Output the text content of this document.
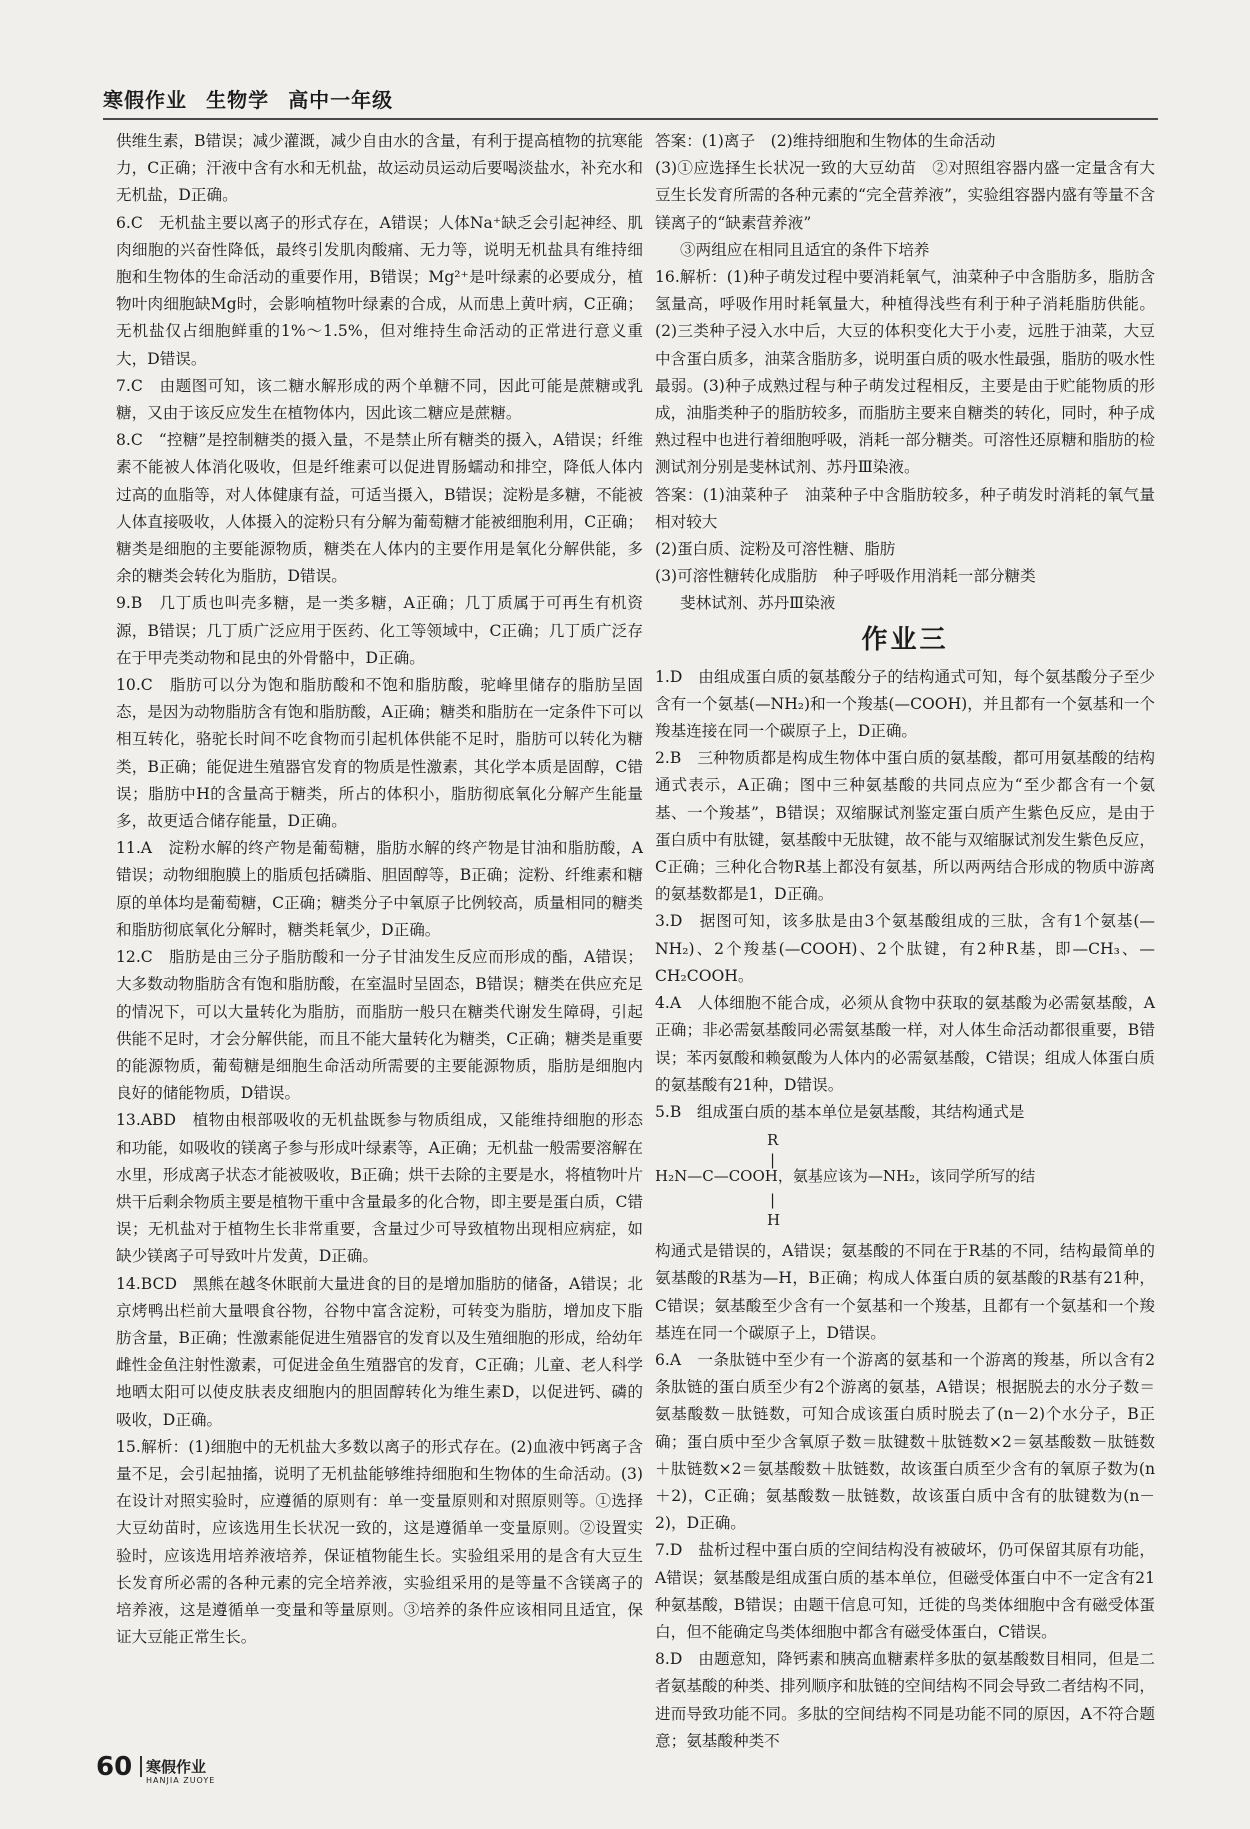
寒假作业 生物学 高中一年级

供维生素，B错误；减少灌溉，减少自由水的含量，有利于提高植物的抗寒能力，C正确；汗液中含有水和无机盐，故运动员运动后要喝淡盐水，补充水和无机盐，D正确。

6.C　无机盐主要以离子的形式存在，A错误；人体Na⁺缺乏会引起神经、肌肉细胞的兴奋性降低，最终引发肌肉酸痛、无力等，说明无机盐具有维持细胞和生物体的生命活动的重要作用，B错误；Mg²⁺是叶绿素的必要成分，植物叶肉细胞缺Mg时，会影响植物叶绿素的合成，从而患上黄叶病，C正确；无机盐仅占细胞鲜重的1%～1.5%，但对维持生命活动的正常进行意义重大，D错误。

7.C　由题图可知，该二糖水解形成的两个单糖不同，因此可能是蔗糖或乳糖，又由于该反应发生在植物体内，因此该二糖应是蔗糖。

8.C　“控糖”是控制糖类的摄入量，不是禁止所有糖类的摄入，A错误；纤维素不能被人体消化吸收，但是纤维素可以促进胃肠蠕动和排空，降低人体内过高的血脂等，对人体健康有益，可适当摄入，B错误；淀粉是多糖，不能被人体直接吸收，人体摄入的淀粉只有分解为葡萄糖才能被细胞利用，C正确；糖类是细胞的主要能源物质，糖类在人体内的主要作用是氧化分解供能，多余的糖类会转化为脂肪，D错误。

9.B　几丁质也叫壳多糖，是一类多糖，A正确；几丁质属于可再生有机资源，B错误；几丁质广泛应用于医药、化工等领域中，C正确；几丁质广泛存在于甲壳类动物和昆虫的外骨骼中，D正确。

10.C　脂肪可以分为饱和脂肪酸和不饱和脂肪酸，驼峰里储存的脂肪呈固态，是因为动物脂肪含有饱和脂肪酸，A正确；糖类和脂肪在一定条件下可以相互转化，骆驼长时间不吃食物而引起机体供能不足时，脂肪可以转化为糖类，B正确；能促进生殖器官发育的物质是性激素，其化学本质是固醇，C错误；脂肪中H的含量高于糖类，所占的体积小，脂肪彻底氧化分解产生能量多，故更适合储存能量，D正确。

11.A　淀粉水解的终产物是葡萄糖，脂肪水解的终产物是甘油和脂肪酸，A错误；动物细胞膜上的脂质包括磷脂、胆固醇等，B正确；淀粉、纤维素和糖原的单体均是葡萄糖，C正确；糖类分子中氧原子比例较高，质量相同的糖类和脂肪彻底氧化分解时，糖类耗氧少，D正确。

12.C　脂肪是由三分子脂肪酸和一分子甘油发生反应而形成的酯，A错误；大多数动物脂肪含有饱和脂肪酸，在室温时呈固态，B错误；糖类在供应充足的情况下，可以大量转化为脂肪，而脂肪一般只在糖类代谢发生障碍，引起供能不足时，才会分解供能，而且不能大量转化为糖类，C正确；糖类是重要的能源物质，葡萄糖是细胞生命活动所需要的主要能源物质，脂肪是细胞内良好的储能物质，D错误。

13.ABD　植物由根部吸收的无机盐既参与物质组成，又能维持细胞的形态和功能，如吸收的镁离子参与形成叶绿素等，A正确；无机盐一般需要溶解在水里，形成离子状态才能被吸收，B正确；烘干去除的主要是水，将植物叶片烘干后剩余物质主要是植物干重中含量最多的化合物，即主要是蛋白质，C错误；无机盐对于植物生长非常重要，含量过少可导致植物出现相应病症，如缺少镁离子可导致叶片发黄，D正确。

14.BCD　黑熊在越冬休眠前大量进食的目的是增加脂肪的储备，A错误；北京烤鸭出栏前大量喂食谷物，谷物中富含淀粉，可转变为脂肪，增加皮下脂肪含量，B正确；性激素能促进生殖器官的发育以及生殖细胞的形成，给幼年雌性金鱼注射性激素，可促进金鱼生殖器官的发育，C正确；儿童、老人科学地晒太阳可以使皮肤表皮细胞内的胆固醇转化为维生素D，以促进钙、磷的吸收，D正确。

15.解析：(1)细胞中的无机盐大多数以离子的形式存在。(2)血液中钙离子含量不足，会引起抽搐，说明了无机盐能够维持细胞和生物体的生命活动。(3)在设计对照实验时，应遵循的原则有：单一变量原则和对照原则等。①选择大豆幼苗时，应该选用生长状况一致的，这是遵循单一变量原则。②设置实验时，应该选用培养液培养，保证植物能生长。实验组采用的是含有大豆生长发育所必需的各种元素的完全培养液，实验组采用的是等量不含镁离子的培养液，这是遵循单一变量和等量原则。③培养的条件应该相同且适宜，保证大豆能正常生长。

答案：(1)离子　(2)维持细胞和生物体的生命活动

(3)①应选择生长状况一致的大豆幼苗　②对照组容器内盛一定量含有大豆生长发育所需的各种元素的“完全营养液”，实验组容器内盛有等量不含镁离子的“缺素营养液”

③两组应在相同且适宜的条件下培养

16.解析：(1)种子萌发过程中要消耗氧气，油菜种子中含脂肪多，脂肪含氢量高，呼吸作用时耗氧量大，种植得浅些有利于种子消耗脂肪供能。(2)三类种子浸入水中后，大豆的体积变化大于小麦，远胜于油菜，大豆中含蛋白质多，油菜含脂肪多，说明蛋白质的吸水性最强，脂肪的吸水性最弱。(3)种子成熟过程与种子萌发过程相反，主要是由于贮能物质的形成，油脂类种子的脂肪较多，而脂肪主要来自糖类的转化，同时，种子成熟过程中也进行着细胞呼吸，消耗一部分糖类。可溶性还原糖和脂肪的检测试剂分别是斐林试剂、苏丹Ⅲ染液。

答案：(1)油菜种子　油菜种子中含脂肪较多，种子萌发时消耗的氧气量相对较大

(2)蛋白质、淀粉及可溶性糖、脂肪

(3)可溶性糖转化成脂肪　种子呼吸作用消耗一部分糖类

斐林试剂、苏丹Ⅲ染液

作业三

1.D　由组成蛋白质的氨基酸分子的结构通式可知，每个氨基酸分子至少含有一个氨基(—NH₂)和一个羧基(—COOH)，并且都有一个氨基和一个羧基连接在同一个碳原子上，D正确。

2.B　三种物质都是构成生物体中蛋白质的氨基酸，都可用氨基酸的结构通式表示，A正确；图中三种氨基酸的共同点应为“至少都含有一个氨基、一个羧基”，B错误；双缩脲试剂鉴定蛋白质产生紫色反应，是由于蛋白质中有肽键，氨基酸中无肽键，故不能与双缩脲试剂发生紫色反应，C正确；三种化合物R基上都没有氨基，所以两两结合形成的物质中游离的氨基数都是1，D正确。

3.D　据图可知，该多肽是由3个氨基酸组成的三肽，含有1个氨基(—NH₂)、2个羧基(—COOH)、2个肽键，有2种R基，即—CH₃、—CH₂COOH。

4.A　人体细胞不能合成，必须从食物中获取的氨基酸为必需氨基酸，A正确；非必需氨基酸同必需氨基酸一样，对人体生命活动都很重要，B错误；苯丙氨酸和赖氨酸为人体内的必需氨基酸，C错误；组成人体蛋白质的氨基酸有21种，D错误。

5.B　组成蛋白质的基本单位是氨基酸，其结构通式是

R
|
H₂N—C—COOH，氨基应该为—NH₂，该同学所写的结
|
H

构通式是错误的，A错误；氨基酸的不同在于R基的不同，结构最简单的氨基酸的R基为—H，B正确；构成人体蛋白质的氨基酸的R基有21种，C错误；氨基酸至少含有一个氨基和一个羧基，且都有一个氨基和一个羧基连在同一个碳原子上，D错误。

6.A　一条肽链中至少有一个游离的氨基和一个游离的羧基，所以含有2条肽链的蛋白质至少有2个游离的氨基，A错误；根据脱去的水分子数＝氨基酸数－肽链数，可知合成该蛋白质时脱去了(n－2)个水分子，B正确；蛋白质中至少含氧原子数＝肽键数＋肽链数×2＝氨基酸数－肽链数＋肽链数×2＝氨基酸数＋肽链数，故该蛋白质至少含有的氧原子数为(n＋2)，C正确；氨基酸数－肽链数，故该蛋白质中含有的肽键数为(n－2)，D正确。

7.D　盐析过程中蛋白质的空间结构没有被破坏，仍可保留其原有功能，A错误；氨基酸是组成蛋白质的基本单位，但磁受体蛋白中不一定含有21种氨基酸，B错误；由题干信息可知，迁徙的鸟类体细胞中含有磁受体蛋白，但不能确定鸟类体细胞中都含有磁受体蛋白，C错误。

8.D　由题意知，降钙素和胰高血糖素样多肽的氨基酸数目相同，但是二者氨基酸的种类、排列顺序和肽链的空间结构不同会导致二者结构不同，进而导致功能不同。多肽的空间结构不同是功能不同的原因，A不符合题意；氨基酸种类不

60 寒假作业
HANJIA ZUOYE
